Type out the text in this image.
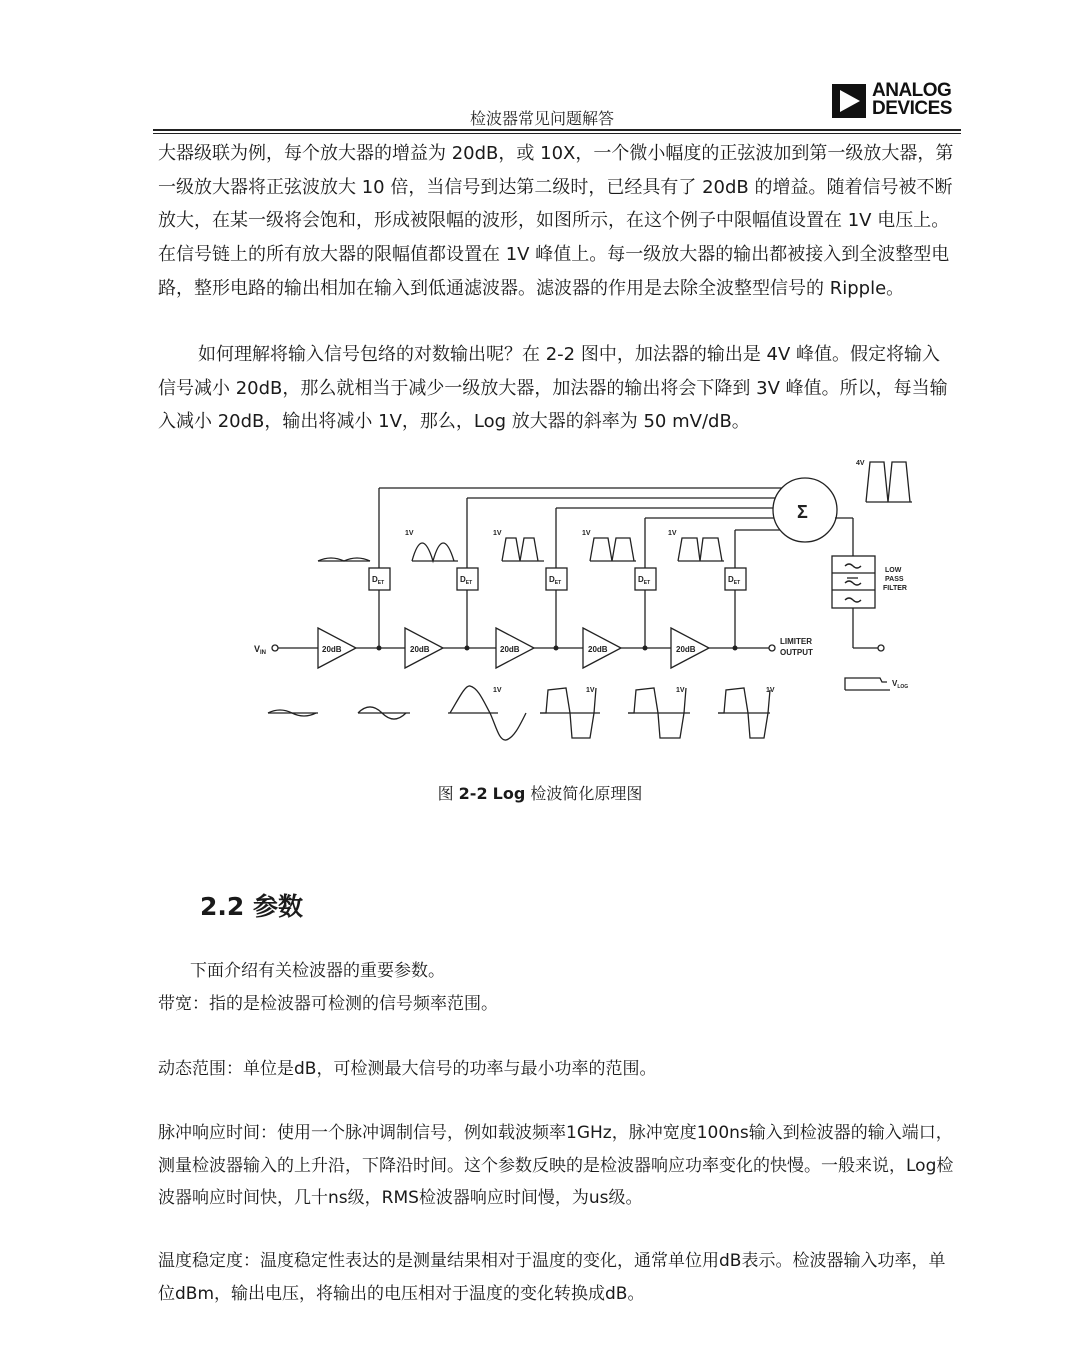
检波器常见问题解答
ANALOG
DEVICES

大器级联为例，每个放大器的增益为 20dB，或 10X，一个微小幅度的正弦波加到第一级放大器，第一级放大器将正弦波放大 10 倍，当信号到达第二级时，已经具有了 20dB 的增益。随着信号被不断放大，在某一级将会饱和，形成被限幅的波形，如图所示，在这个例子中限幅值设置在 1V 电压上。在信号链上的所有放大器的限幅值都设置在 1V 峰值上。每一级放大器的输出都被接入到全波整型电路，整形电路的输出相加在输入到低通滤波器。滤波器的作用是去除全波整型信号的 Ripple。

如何理解将输入信号包络的对数输出呢？在 2-2 图中，加法器的输出是 4V 峰值。假定将输入信号减小 20dB，那么就相当于减少一级放大器，加法器的输出将会下降到 3V 峰值。所以，每当输入减小 20dB，输出将减小 1V，那么，Log 放大器的斜率为 50 mV/dB。

$V_{IN}$	20dB	20dB	20dB	20dB	20dB
LIMITER
OUTPUT
$D_{ET}$	$D_{ET}$	$D_{ET}$	$D_{ET}$	$D_{ET}$
Σ
LOW
PASS
FILTER
$V_{LOG}$
4V
1V	1V	1V	1V
1V	1V	1V	1V
图 2-2 Log 检波简化原理图
2.2 参数

下面介绍有关检波器的重要参数。

带宽：指的是检波器可检测的信号频率范围。

动态范围：单位是dB，可检测最大信号的功率与最小功率的范围。

脉冲响应时间：使用一个脉冲调制信号，例如载波频率1GHz，脉冲宽度100ns输入到检波器的输入端口，测量检波器输入的上升沿，下降沿时间。这个参数反映的是检波器响应功率变化的快慢。一般来说，Log检波器响应时间快，几十ns级，RMS检波器响应时间慢，为us级。

温度稳定度：温度稳定性表达的是测量结果相对于温度的变化，通常单位用dB表示。检波器输入功率，单位dBm，输出电压，将输出的电压相对于温度的变化转换成dB。
